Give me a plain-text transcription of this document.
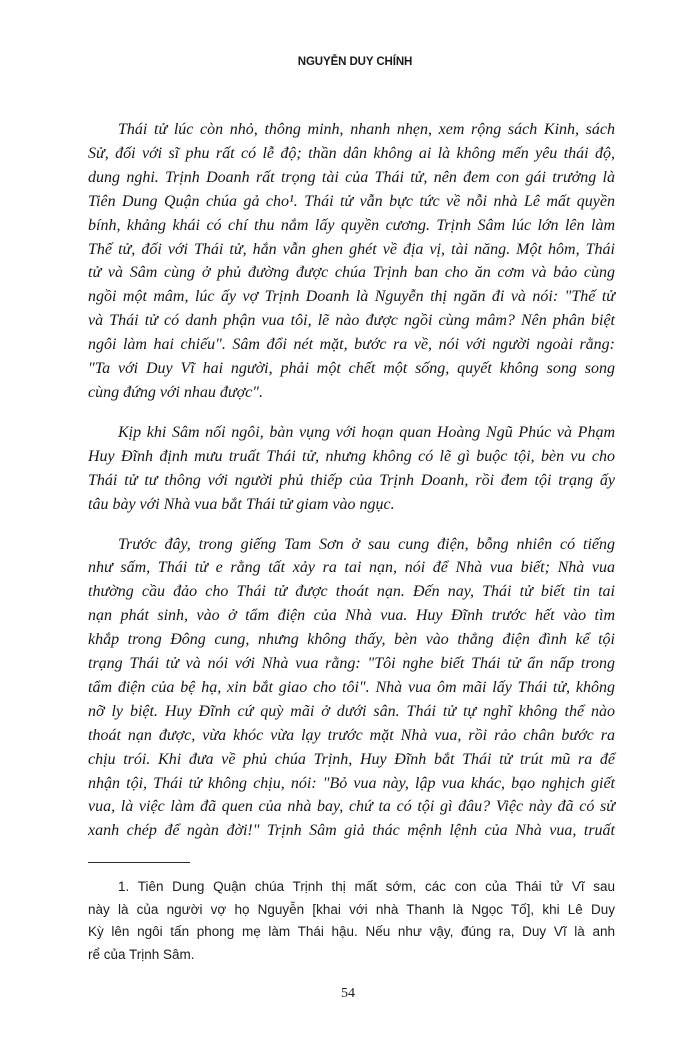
NGUYỄN DUY CHÍNH
Thái tử lúc còn nhỏ, thông minh, nhanh nhẹn, xem rộng sách Kinh, sách
Sử, đối với sĩ phu rất có lễ độ; thần dân không ai là không mến yêu thái độ,
dung nghi. Trịnh Doanh rất trọng tài của Thái tử, nên đem con gái trưởng là
Tiên Dung Quận chúa gả cho¹. Thái tử vẫn bực tức về nỗi nhà Lê mất quyền
bính, khảng khái có chí thu nắm lấy quyền cương. Trịnh Sâm lúc lớn lên làm
Thế tử, đối với Thái tử, hắn vẫn ghen ghét về địa vị, tài năng. Một hôm, Thái
tử và Sâm cùng ở phủ đường được chúa Trịnh ban cho ăn cơm và bảo cùng
ngồi một mâm, lúc ấy vợ Trịnh Doanh là Nguyễn thị ngăn đi và nói: "Thế tử
và Thái tử có danh phận vua tôi, lẽ nào được ngồi cùng mâm? Nên phân biệt
ngôi làm hai chiếu". Sâm đổi nét mặt, bước ra về, nói với người ngoài rằng:
"Ta với Duy Vĩ hai người, phải một chết một sống, quyết không song song
cùng đứng với nhau được".
Kịp khi Sâm nối ngôi, bàn vụng với hoạn quan Hoàng Ngũ Phúc và Phạm
Huy Đĩnh định mưu truất Thái tử, nhưng không có lẽ gì buộc tội, bèn vu cho
Thái tử tư thông với người phủ thiếp của Trịnh Doanh, rồi đem tội trạng ấy
tâu bày với Nhà vua bắt Thái tử giam vào ngục.
Trước đây, trong giếng Tam Sơn ở sau cung điện, bỗng nhiên có tiếng
như sấm, Thái tử e rằng tất xảy ra tai nạn, nói để Nhà vua biết; Nhà vua
thường cầu đảo cho Thái tử được thoát nạn. Đến nay, Thái tử biết tin tai
nạn phát sinh, vào ở tẩm điện của Nhà vua. Huy Đĩnh trước hết vào tìm
khắp trong Đông cung, nhưng không thấy, bèn vào thẳng điện đình kể tội
trạng Thái tử và nói với Nhà vua rằng: "Tôi nghe biết Thái tử ẩn nấp trong
tẩm điện của bệ hạ, xin bắt giao cho tôi". Nhà vua ôm mãi lấy Thái tử, không
nỡ ly biệt. Huy Đĩnh cứ quỳ mãi ở dưới sân. Thái tử tự nghĩ không thể nào
thoát nạn được, vừa khóc vừa lạy trước mặt Nhà vua, rồi rảo chân bước ra
chịu trói. Khi đưa về phủ chúa Trịnh, Huy Đĩnh bắt Thái tử trút mũ ra để
nhận tội, Thái tử không chịu, nói: "Bỏ vua này, lập vua khác, bạo nghịch giết
vua, là việc làm đã quen của nhà bay, chứ ta có tội gì đâu? Việc này đã có sử
xanh chép để ngàn đời!" Trịnh Sâm giả thác mệnh lệnh của Nhà vua, truất
1. Tiên Dung Quận chúa Trịnh thị mất sớm, các con của Thái tử Vĩ sau
này là của người vợ họ Nguyễn [khai với nhà Thanh là Ngọc Tố], khi Lê Duy
Kỳ lên ngôi tấn phong mẹ làm Thái hậu. Nếu như vậy, đúng ra, Duy Vĩ là anh
rể của Trịnh Sâm.
54
